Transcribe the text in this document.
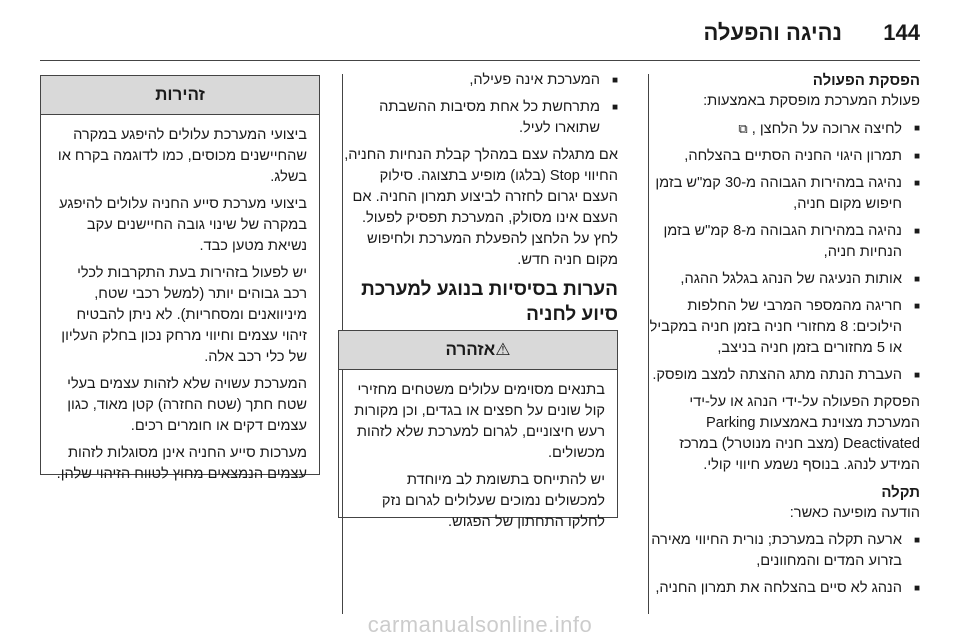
144
נהיגה והפעלה
הפסקת הפעולה

פעולת המערכת מופסקת באמצעות:

■ לחיצה ארוכה על הלחצן , ⧉
■ תמרון היגוי החניה הסתיים בהצלחה,
■ נהיגה במהירות הגבוהה מ-30 קמ"ש בזמן חיפוש מקום חניה,
■ נהיגה במהירות הגבוהה מ-8 קמ"ש בזמן הנחיות חניה,
■ אותות הנעיגה של הנהג בגלגל ההגה,
■ חריגה מהמספר המרבי של החלפות הילוכים: 8 מחזורי חניה בזמן חניה במקביל או 5 מחזורים בזמן חניה בניצב,
■ העברת הנתה מתג ההצתה למצב מופסק.

הפסקת הפעולה על-ידי הנהג או על-ידי המערכת מצוינת באמצעות Parking Deactivated (מצב חניה מנוטרל) במרכז המידע לנהג. בנוסף נשמע חיווי קולי.

תקלה

הודעה מופיעה כאשר:

■ ארעה תקלה במערכת; נורית החיווי מאירה בזרוע המדים והמחוונים,
■ הנהג לא סיים בהצלחה את תמרון החניה,
■ המערכת אינה פעילה,
■ מתרחשת כל אחת מסיבות ההשבתה שתוארו לעיל.

אם מתגלה עצם במהלך קבלת הנחיות החניה, החיווי Stop (בלגו) מופיע בתצוגה. סילוק העצם יגרום לחזרה לביצוע תמרון החניה. אם העצם אינו מסולק, המערכת תפסיק לפעול. לחץ על הלחצן להפעלת המערכת ולחיפוש מקום חניה חדש.

הערות בסיסיות בנוגע למערכת סיוע לחניה
⚠אזהרה

בתנאים מסוימים עלולים משטחים מחזירי קול שונים על חפצים או בגדים, וכן מקורות רעש חיצוניים, לגרום למערכת שלא לזהות מכשולים.

יש להתייחס בתשומת לב מיוחדת למכשולים נמוכים שעלולים לגרום נזק לחלקו התחתון של הפגוש.

זהירות

ביצועי המערכת עלולים להיפגע במקרה שהחיישנים מכוסים, כמו לדוגמה בקרח או בשלג.

ביצועי מערכת סייע החניה עלולים להיפגע במקרה של שינוי גובה החיישנים עקב נשיאת מטען כבד.

יש לפעול בזהירות בעת התקרבות לכלי רכב גבוהים יותר (למשל רכבי שטח, מיניוואנים ומסחריות). לא ניתן להבטיח זיהוי עצמים וחיווי מרחק נכון בחלק העליון של כלי רכב אלה.

המערכת עשויה שלא לזהות עצמים בעלי שטח חתך (שטח החזרה) קטן מאוד, כגון עצמים דקים או חומרים רכים.

מערכות סייע החניה אינן מסוגלות לזהות עצמים הנמצאים מחוץ לטווח הזיהוי שלהן.

carmanualsonline.info
